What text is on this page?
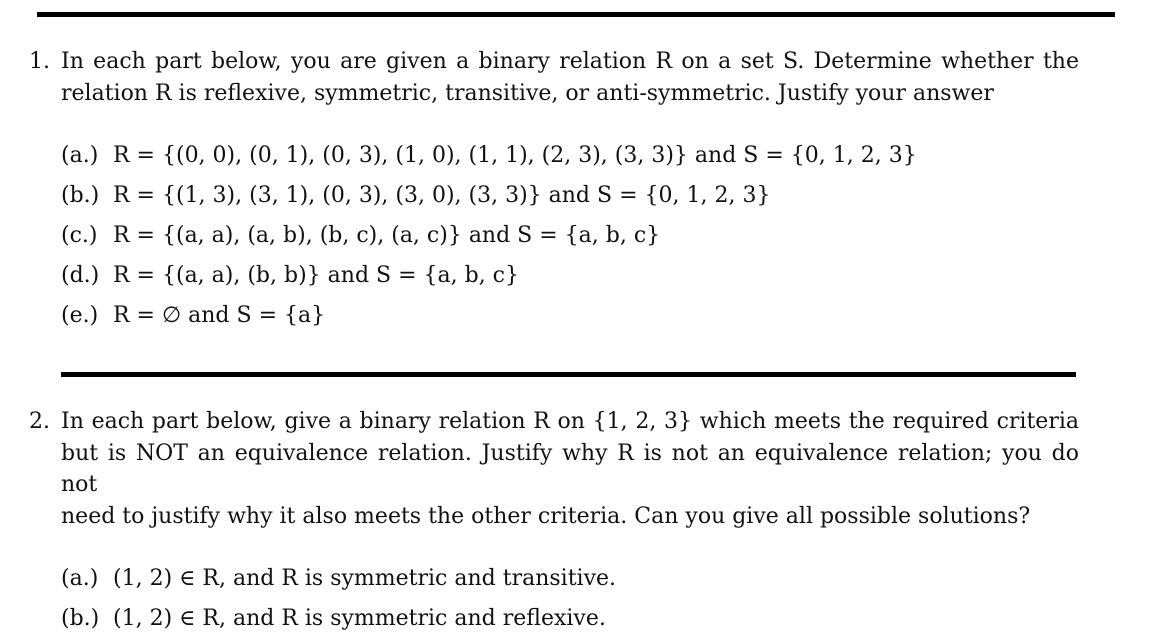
1. In each part below, you are given a binary relation R on a set S. Determine whether the
relation R is reflexive, symmetric, transitive, or anti-symmetric. Justify your answer
(a.) R = {(0, 0), (0, 1), (0, 3), (1, 0), (1, 1), (2, 3), (3, 3)} and S = {0, 1, 2, 3}
(b.) R = {(1, 3), (3, 1), (0, 3), (3, 0), (3, 3)} and S = {0, 1, 2, 3}
(c.) R = {(a, a), (a, b), (b, c), (a, c)} and S = {a, b, c}
(d.) R = {(a, a), (b, b)} and S = {a, b, c}
(e.) R = ∅ and S = {a}
2. In each part below, give a binary relation R on {1, 2, 3} which meets the required criteria
but is NOT an equivalence relation. Justify why R is not an equivalence relation; you do not
need to justify why it also meets the other criteria. Can you give all possible solutions?
(a.) (1, 2) ∈ R, and R is symmetric and transitive.
(b.) (1, 2) ∈ R, and R is symmetric and reflexive.
